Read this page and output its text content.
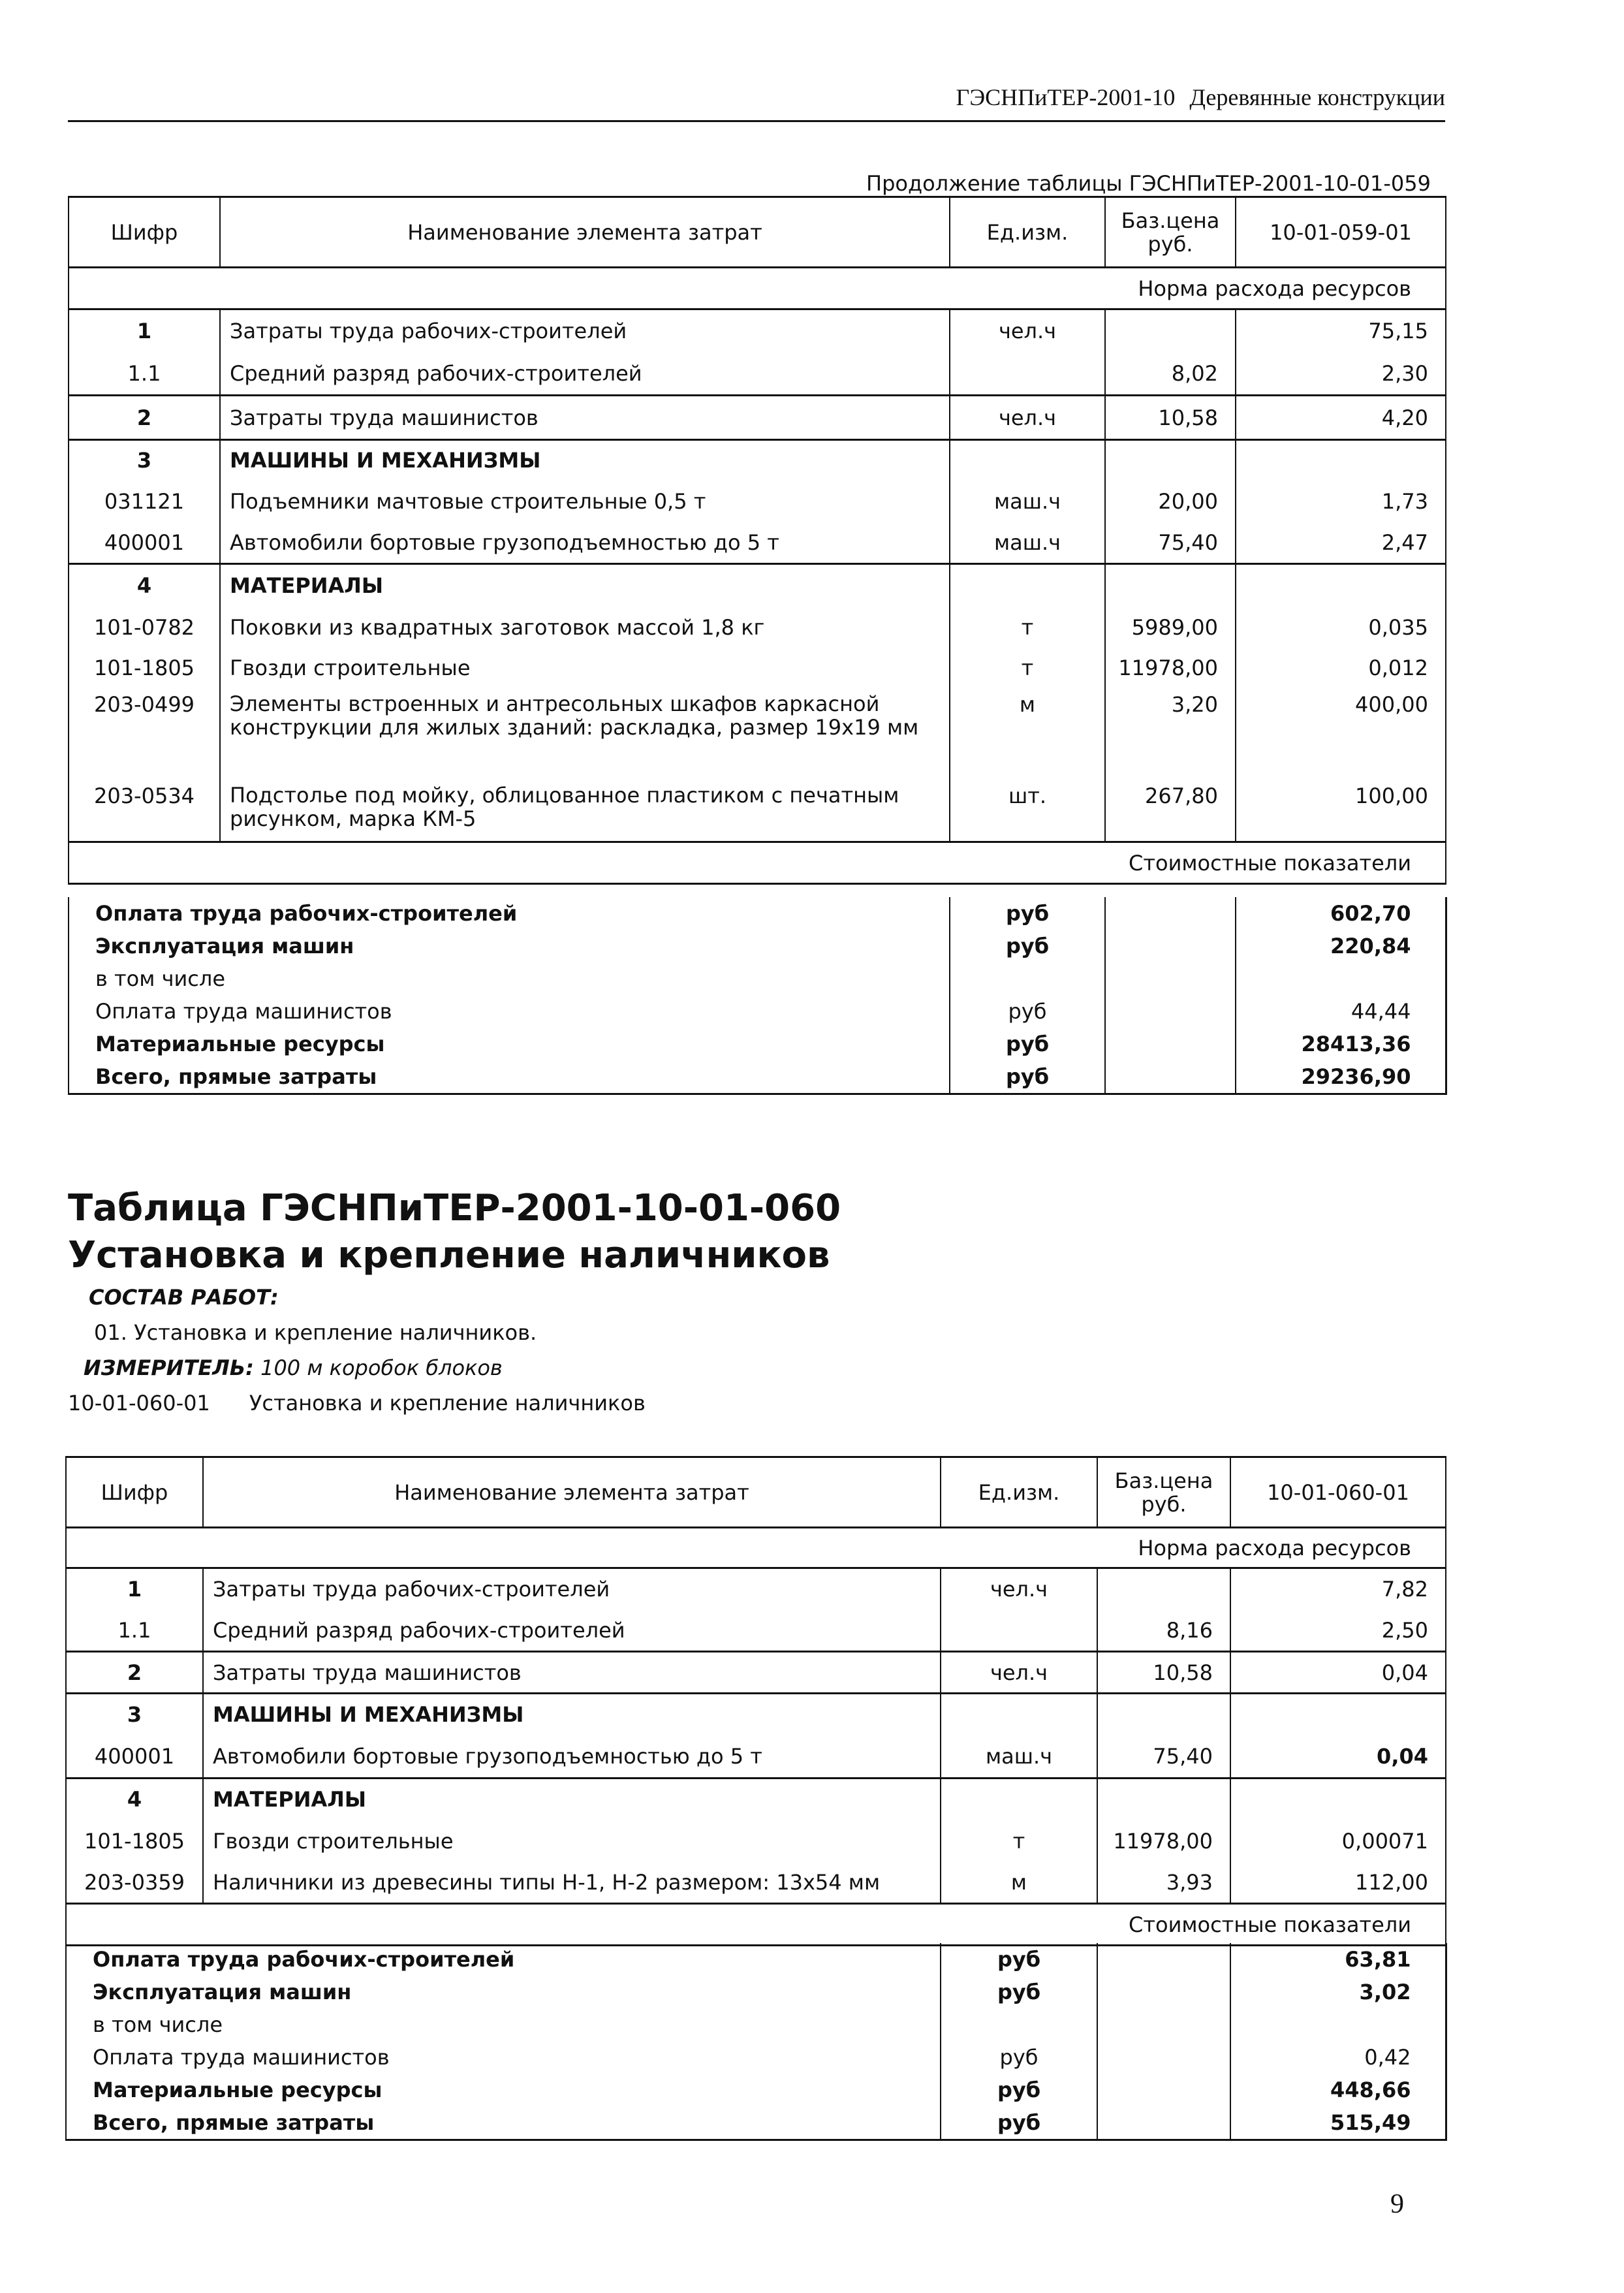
ГЭСНПиТЕР-2001-10 Деревянные конструкции
Продолжение таблицы ГЭСНПиТЕР-2001-10-01-059
Шифр	Наименование элемента затрат	Ед.изм.	Баз.цена руб.	10-01-059-01
Норма расхода ресурсов				
1	Затраты труда рабочих-строителей	чел.ч		75,15
1.1	Средний разряд рабочих-строителей		8,02	2,30
2	Затраты труда машинистов	чел.ч	10,58	4,20
3	МАШИНЫ И МЕХАНИЗМЫ			
031121	Подъемники мачтовые строительные 0,5 т	маш.ч	20,00	1,73
400001	Автомобили бортовые грузоподъемностью до 5 т	маш.ч	75,40	2,47
4	МАТЕРИАЛЫ			
101-0782	Поковки из квадратных заготовок массой 1,8 кг	т	5989,00	0,035
101-1805	Гвозди строительные	т	11978,00	0,012
203-0499	Элементы встроенных и антресольных шкафов каркасной конструкции для жилых зданий: раскладка, размер 19х19 мм	м	3,20	400,00
203-0534	Подстолье под мойку, облицованное пластиком с печатным рисунком, марка КМ-5	шт.	267,80	100,00
Стоимостные показатели				
Оплата труда рабочих-строителей	руб		602,70
Эксплуатация машин	руб		220,84
в том числе			
Оплата труда машинистов	руб		44,44
Материальные ресурсы	руб		28413,36
Всего, прямые затраты	руб		29236,90
Таблица ГЭСНПиТЕР-2001-10-01-060
Установка и крепление наличников
СОСТАВ РАБОТ:
01. Установка и крепление наличников.
ИЗМЕРИТЕЛЬ: 100 м коробок блоков
10-01-060-01 Установка и крепление наличников
Шифр	Наименование элемента затрат	Ед.изм.	Баз.цена руб.	10-01-060-01
Норма расхода ресурсов				
1	Затраты труда рабочих-строителей	чел.ч		7,82
1.1	Средний разряд рабочих-строителей		8,16	2,50
2	Затраты труда машинистов	чел.ч	10,58	0,04
3	МАШИНЫ И МЕХАНИЗМЫ			
400001	Автомобили бортовые грузоподъемностью до 5 т	маш.ч	75,40	0,04
4	МАТЕРИАЛЫ			
101-1805	Гвозди строительные	т	11978,00	0,00071
203-0359	Наличники из древесины типы Н-1, Н-2 размером: 13х54 мм	м	3,93	112,00
Стоимостные показатели				
Оплата труда рабочих-строителей	руб		63,81
Эксплуатация машин	руб		3,02
в том числе			
Оплата труда машинистов	руб		0,42
Материальные ресурсы	руб		448,66
Всего, прямые затраты	руб		515,49
9
